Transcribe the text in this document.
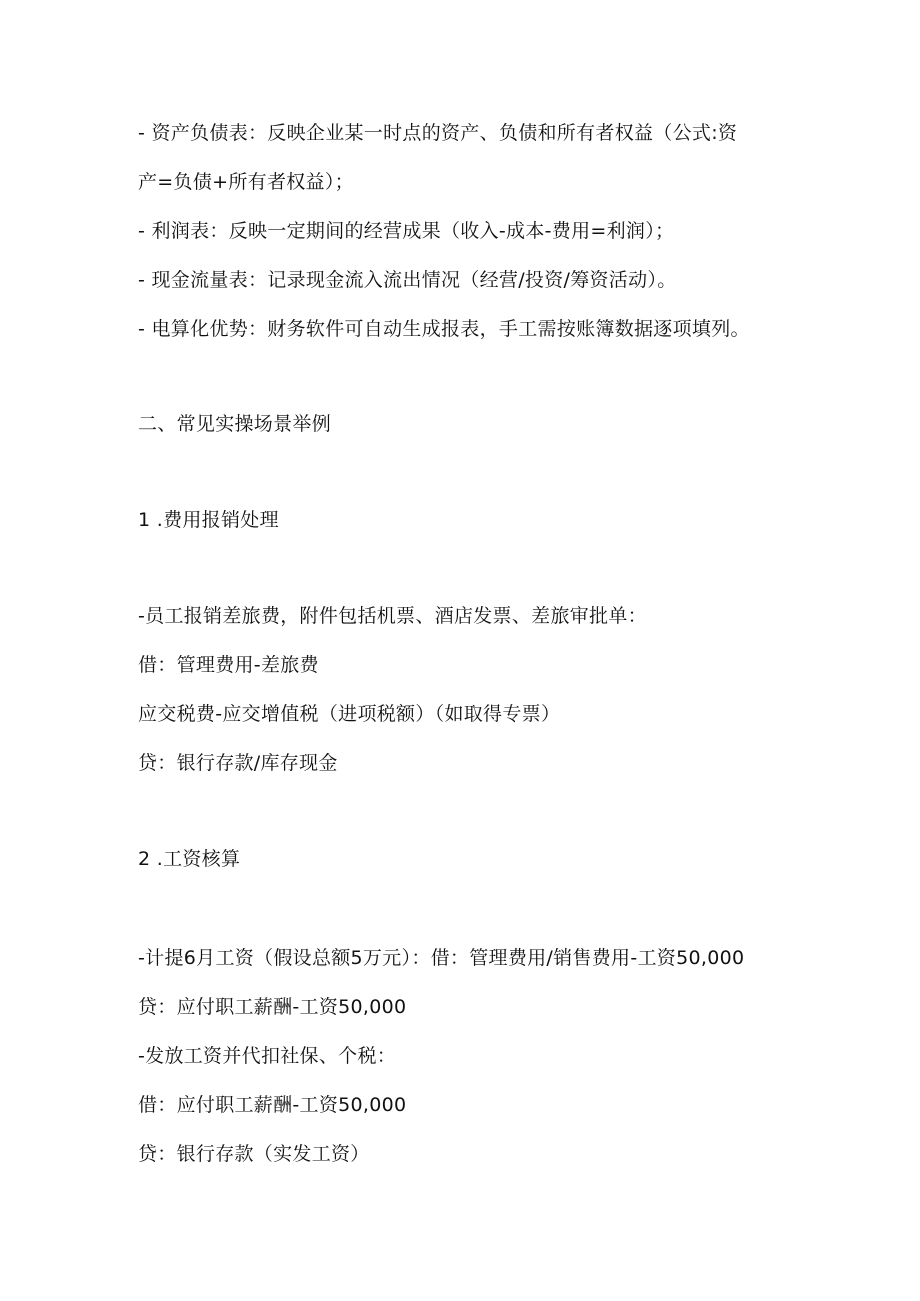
- 资产负债表：反映企业某一时点的资产、负债和所有者权益（公式:资
产=负债+所有者权益）；
- 利润表：反映一定期间的经营成果（收入-成本-费用=利润）；
- 现金流量表：记录现金流入流出情况（经营/投资/筹资活动）。
- 电算化优势：财务软件可自动生成报表，手工需按账簿数据逐项填列。
二、常见实操场景举例
1 .费用报销处理
-员工报销差旅费，附件包括机票、酒店发票、差旅审批单：
借：管理费用-差旅费
应交税费-应交增值税（进项税额）（如取得专票）
贷：银行存款/库存现金
2 .工资核算
-计提6月工资（假设总额5万元）：借：管理费用/销售费用-工资50,000
贷：应付职工薪酬-工资50,000
-发放工资并代扣社保、个税：
借：应付职工薪酬-工资50,000
贷：银行存款（实发工资）
